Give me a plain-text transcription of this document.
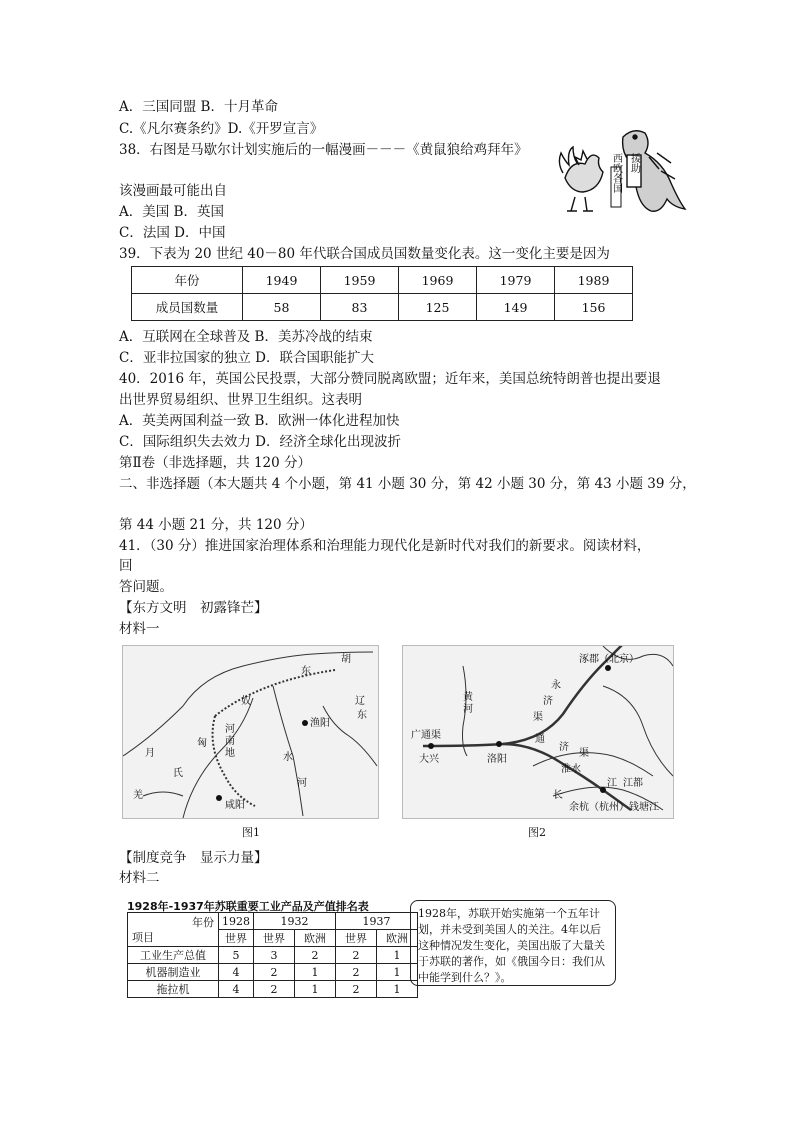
A．三国同盟 B．十月革命
C.《凡尔赛条约》D.《开罗宣言》
38．右图是马歇尔计划实施后的一幅漫画－－－《黄鼠狼给鸡拜年》
援助
西欧各国
该漫画最可能出自
A．美国 B．英国
C．法国 D．中国
39．下表为 20 世纪 40－80 年代联合国成员国数量变化表。这一变化主要是因为
年份	1949	1959	1969	1979	1989
成员国数量	58	83	125	149	156
A．互联网在全球普及 B．美苏冷战的结束
C．亚非拉国家的独立 D．联合国职能扩大
40．2016 年，英国公民投票，大部分赞同脱离欧盟；近年来，美国总统特朗普也提出要退
出世界贸易组织、世界卫生组织。这表明
A．英美两国利益一致 B．欧洲一体化进程加快
C．国际组织失去效力 D．经济全球化出现波折
第Ⅱ卷（非选择题，共 120 分）
二、非选择题（本大题共 4 个小题，第 41 小题 30 分，第 42 小题 30 分，第 43 小题 39 分，
第 44 小题 21 分，共 120 分）
41．（30 分）推进国家治理体系和治理能力现代化是新时代对我们的新要求。阅读材料，
回
答问题。
【东方文明　初露锋芒】
材料一
东
胡
辽
东
奴
河
南
地
渔阳
月
氏
匈
水
河
羌
咸阳
图1
涿郡（北京）
黄
河
永
济
渠
广通渠	通
济
渠
大兴	洛阳
淮水
江都
长
江
余杭（杭州） 钱塘江
图2
【制度竞争　显示力量】
材料二
1928年-1937年苏联重要工业产品及产值排名表
年份
项目	1928	1932		1937	
	世界	世界	欧洲	世界	欧洲
工业生产总值	5	3	2	2	1
机器制造业	4	2	1	2	1
拖拉机	4	2	1	2	1
1928年，苏联开始实施第一个五年计划，并未受到美国人的关注。4年以后这种情况发生变化，美国出版了大量关于苏联的著作，如《俄国今日：我们从中能学到什么？》。
